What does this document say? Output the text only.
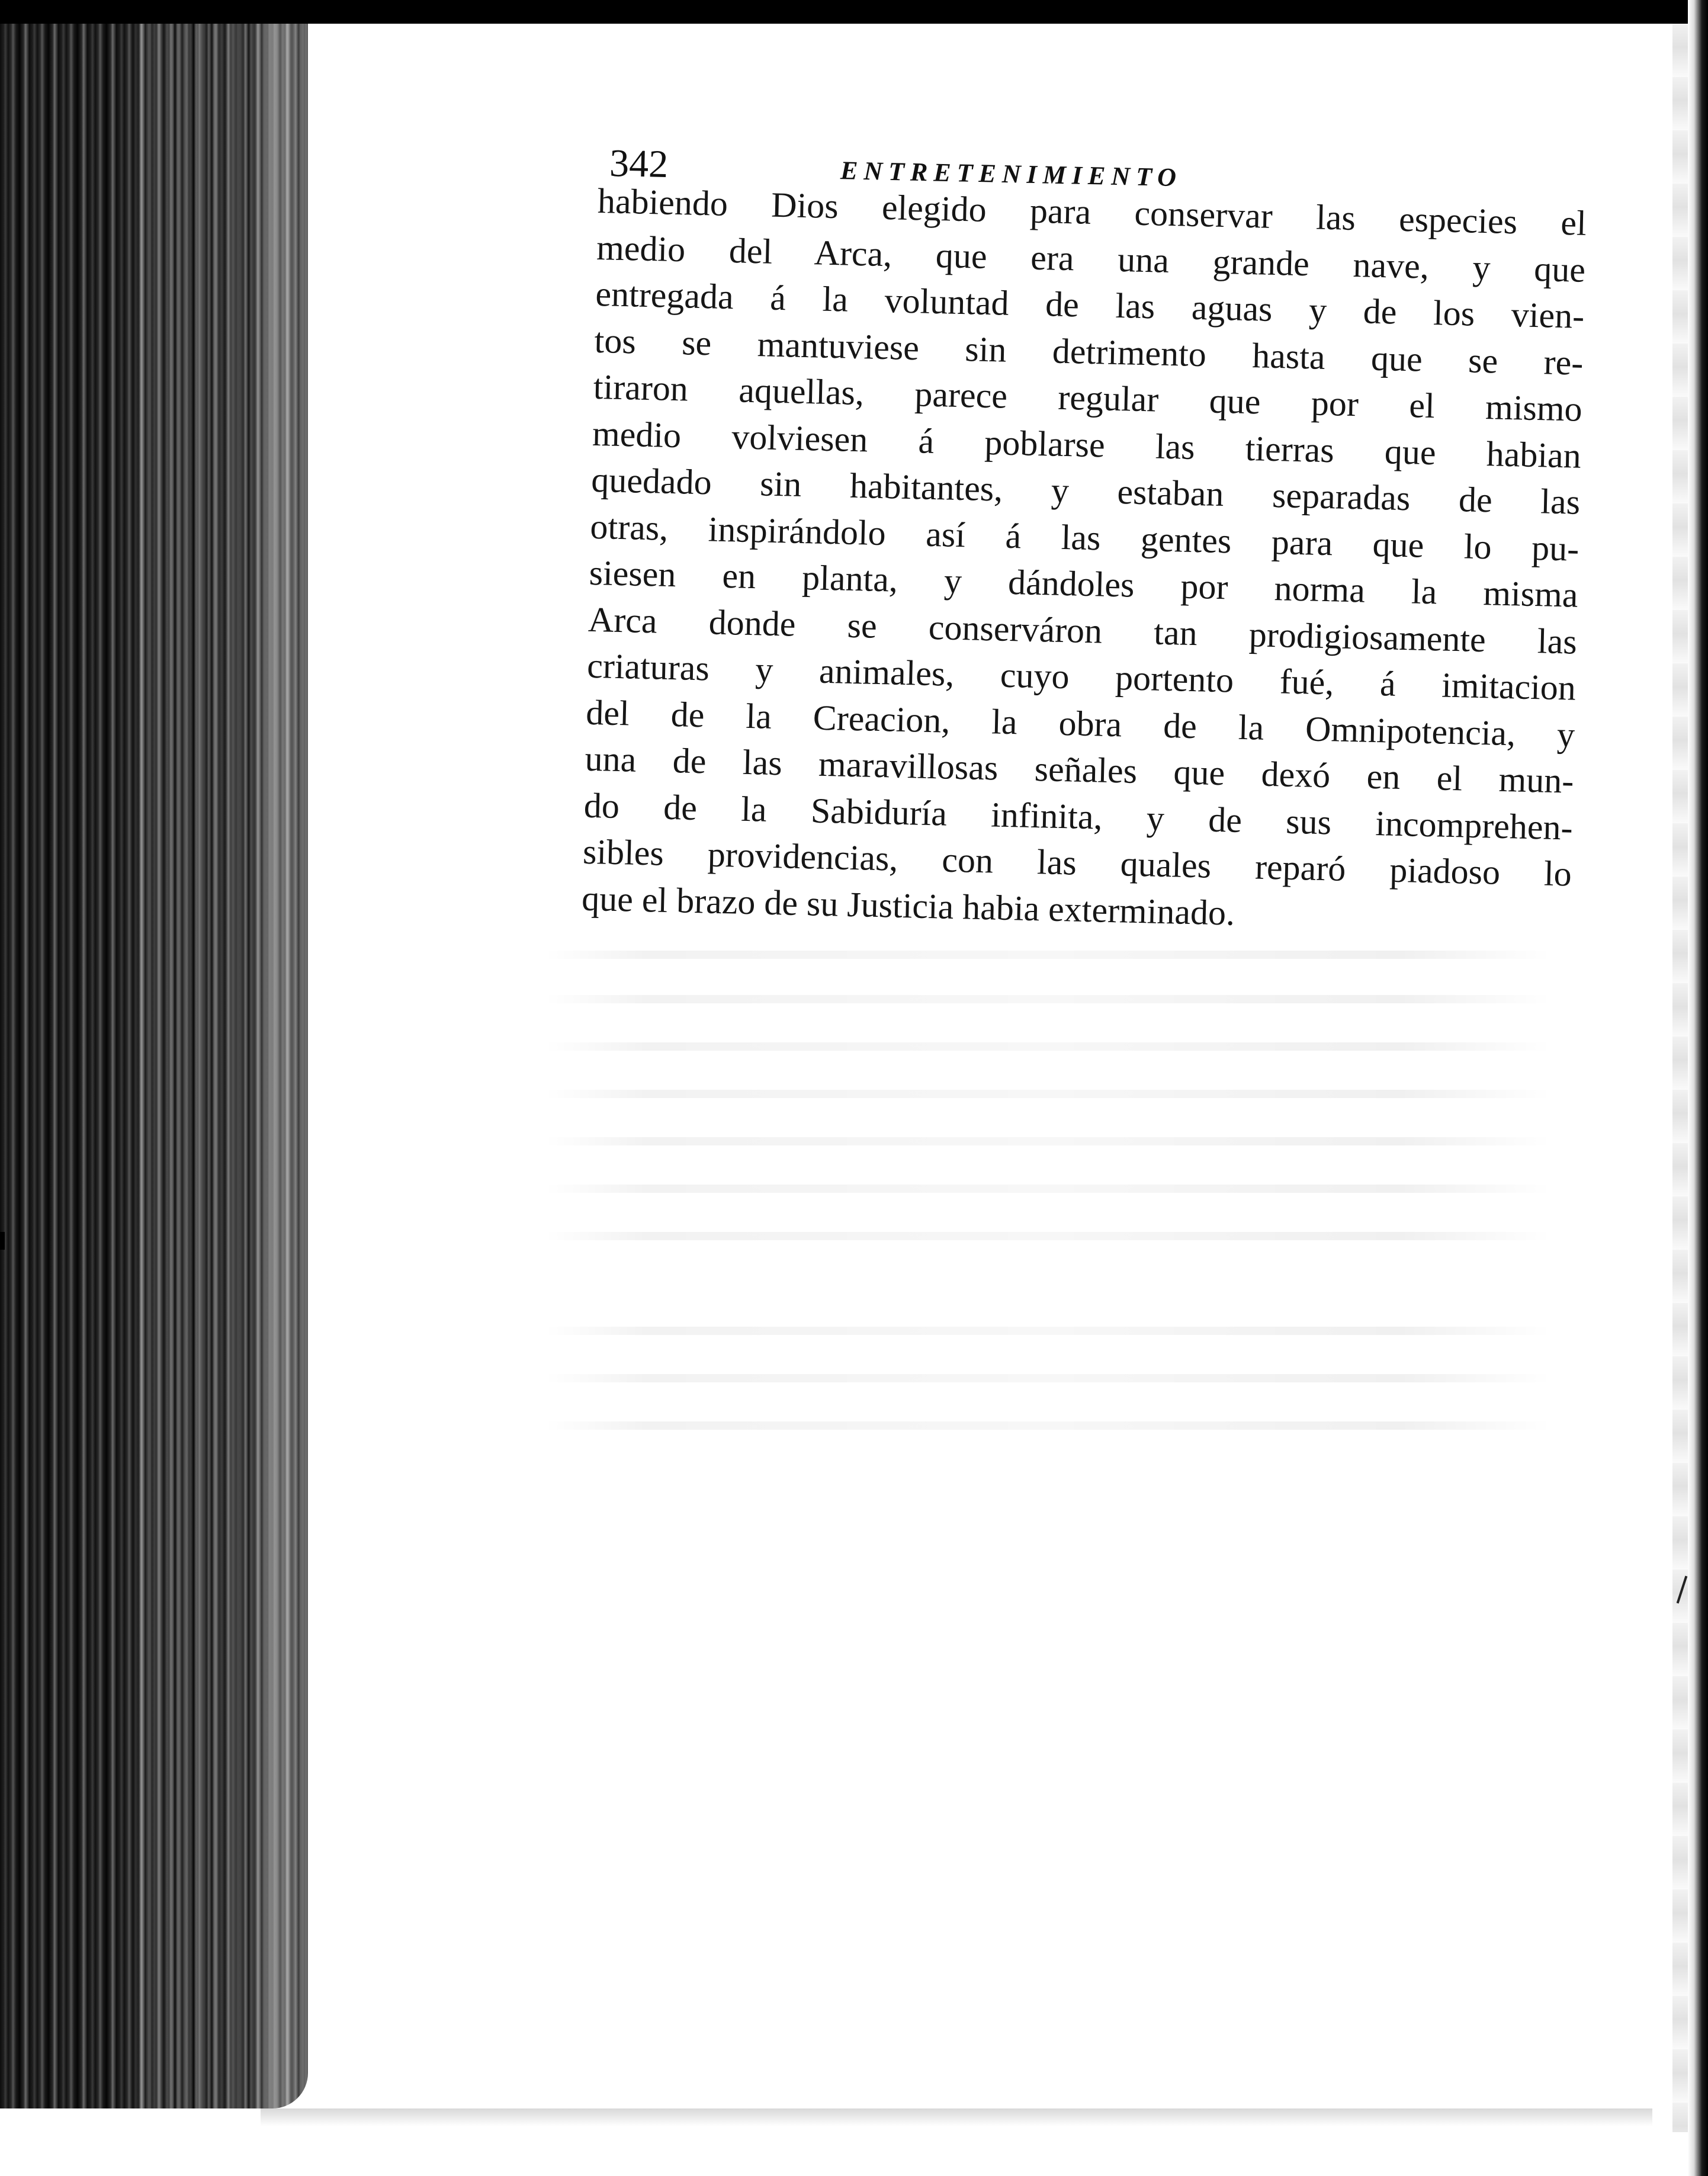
342	ENTRETENIMIENTO
habiendo Dios elegido para conservar las especies el
medio del Arca, que era una grande nave, y que
entregada á la voluntad de las aguas y de los vien-
tos se mantuviese sin detrimento hasta que se re-
tiraron aquellas, parece regular que por el mismo
medio volviesen á poblarse las tierras que habian
quedado sin habitantes, y estaban separadas de las
otras, inspirándolo así á las gentes para que lo pu-
siesen en planta, y dándoles por norma la misma
Arca donde se conserváron tan prodigiosamente las
criaturas y animales, cuyo portento fué, á imitacion
del de la Creacion, la obra de la Omnipotencia, y
una de las maravillosas señales que dexó en el mun-
do de la Sabiduría infinita, y de sus incomprehen-
sibles providencias, con las quales reparó piadoso lo
que el brazo de su Justicia habia exterminado.
